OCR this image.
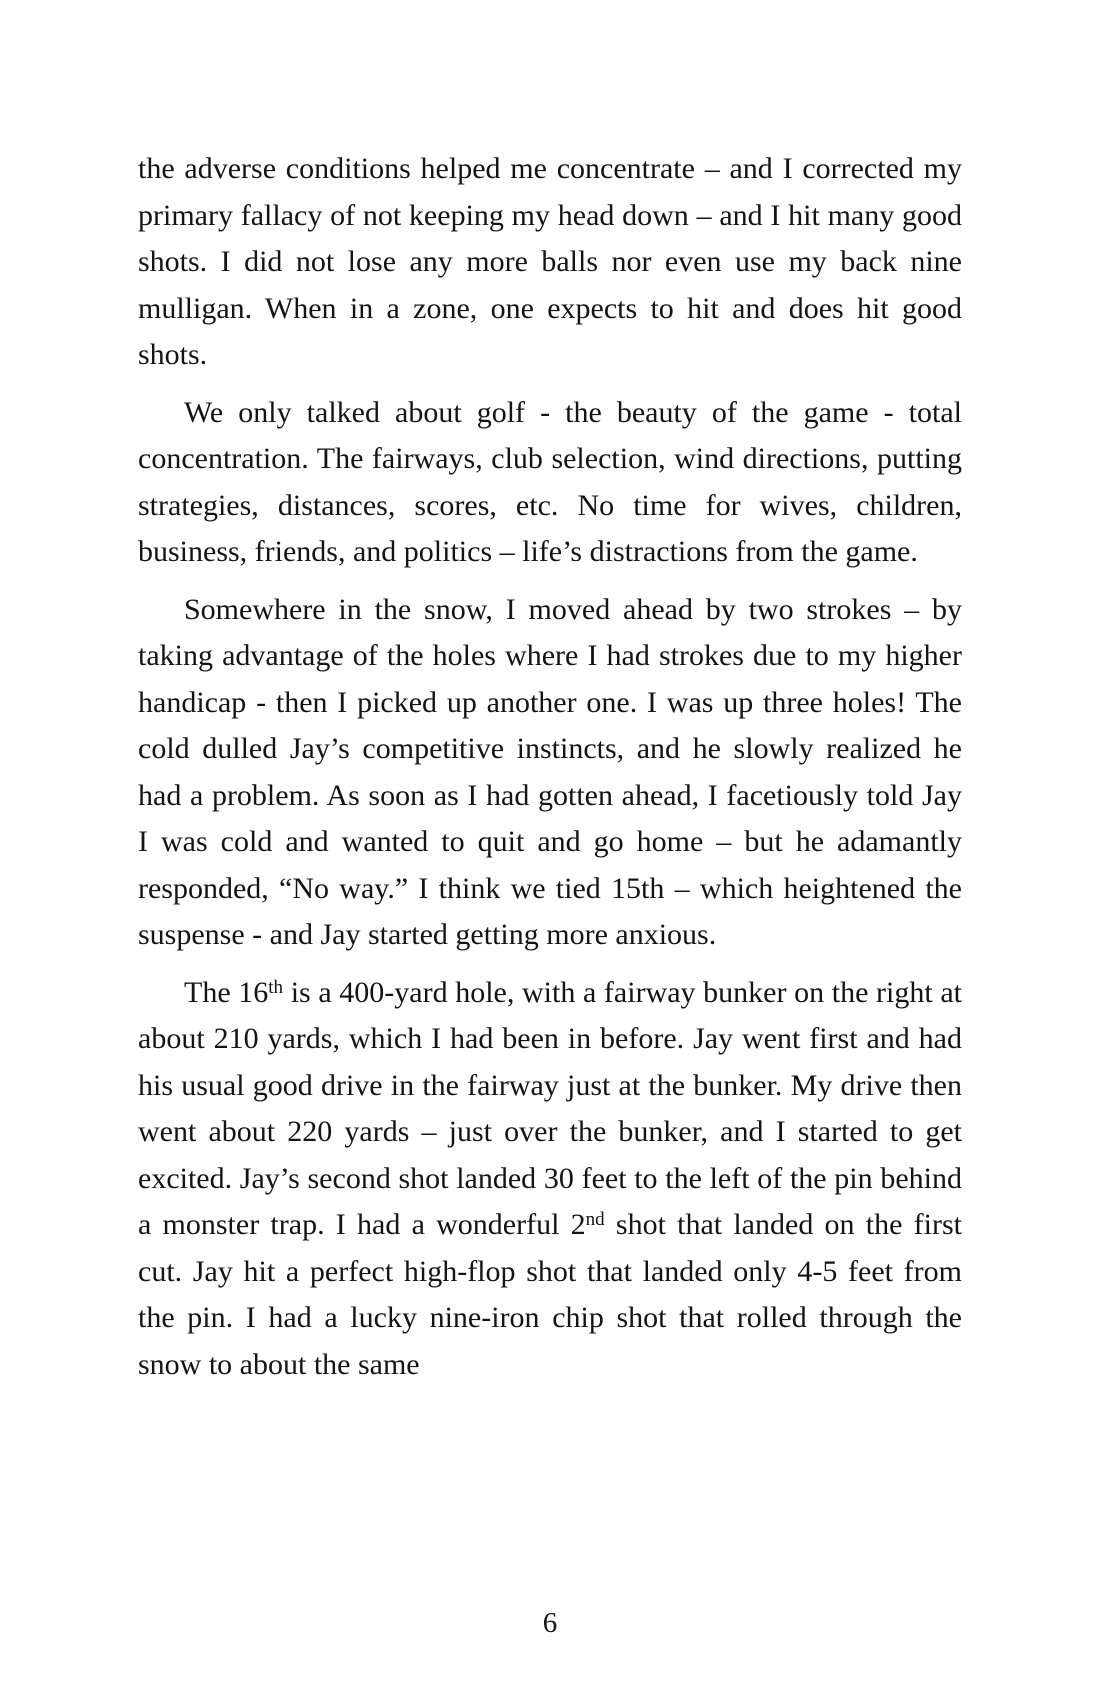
the adverse conditions helped me concentrate – and I corrected my primary fallacy of not keeping my head down – and I hit many good shots. I did not lose any more balls nor even use my back nine mulligan. When in a zone, one expects to hit and does hit good shots.

We only talked about golf - the beauty of the game - total concentration. The fairways, club selection, wind directions, putting strategies, distances, scores, etc. No time for wives, children, business, friends, and politics – life’s distractions from the game.

Somewhere in the snow, I moved ahead by two strokes – by taking advantage of the holes where I had strokes due to my higher handicap - then I picked up another one. I was up three holes! The cold dulled Jay’s competitive instincts, and he slowly realized he had a problem. As soon as I had gotten ahead, I facetiously told Jay I was cold and wanted to quit and go home – but he adamantly responded, “No way.” I think we tied 15th – which heightened the suspense - and Jay started getting more anxious.

The 16th is a 400-yard hole, with a fairway bunker on the right at about 210 yards, which I had been in before. Jay went first and had his usual good drive in the fairway just at the bunker. My drive then went about 220 yards – just over the bunker, and I started to get excited. Jay’s second shot landed 30 feet to the left of the pin behind a monster trap. I had a wonderful 2nd shot that landed on the first cut. Jay hit a perfect high-flop shot that landed only 4-5 feet from the pin. I had a lucky nine-iron chip shot that rolled through the snow to about the same

6
